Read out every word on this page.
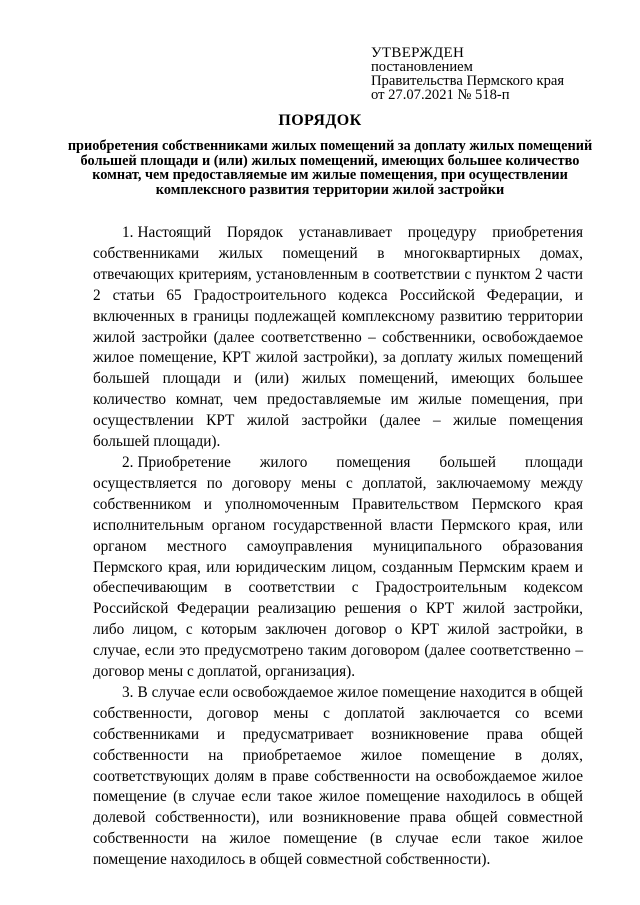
УТВЕРЖДЕН
постановлением
Правительства Пермского края
от 27.07.2021 № 518-п
ПОРЯДОК
приобретения собственниками жилых помещений за доплату жилых помещений большей площади и (или) жилых помещений, имеющих большее количество комнат, чем предоставляемые им жилые помещения, при осуществлении комплексного развития территории жилой застройки

1. Настоящий Порядок устанавливает процедуру приобретения собственниками жилых помещений в многоквартирных домах, отвечающих критериям, установленным в соответствии с пунктом 2 части 2 статьи 65 Градостроительного кодекса Российской Федерации, и включенных в границы подлежащей комплексному развитию территории жилой застройки (далее соответственно – собственники, освобождаемое жилое помещение, КРТ жилой застройки), за доплату жилых помещений большей площади и (или) жилых помещений, имеющих большее количество комнат, чем предоставляемые им жилые помещения, при осуществлении КРТ жилой застройки (далее – жилые помещения большей площади).

2. Приобретение жилого помещения большей площади осуществляется по договору мены с доплатой, заключаемому между собственником и уполномоченным Правительством Пермского края исполнительным органом государственной власти Пермского края, или органом местного самоуправления муниципального образования Пермского края, или юридическим лицом, созданным Пермским краем и обеспечивающим в соответствии с Градостроительным кодексом Российской Федерации реализацию решения о КРТ жилой застройки, либо лицом, с которым заключен договор о КРТ жилой застройки, в случае, если это предусмотрено таким договором (далее соответственно – договор мены с доплатой, организация).

3. В случае если освобождаемое жилое помещение находится в общей собственности, договор мены с доплатой заключается со всеми собственниками и предусматривает возникновение права общей собственности на приобретаемое жилое помещение в долях, соответствующих долям в праве собственности на освобождаемое жилое помещение (в случае если такое жилое помещение находилось в общей долевой собственности), или возникновение права общей совместной собственности на жилое помещение (в случае если такое жилое помещение находилось в общей совместной собственности).
